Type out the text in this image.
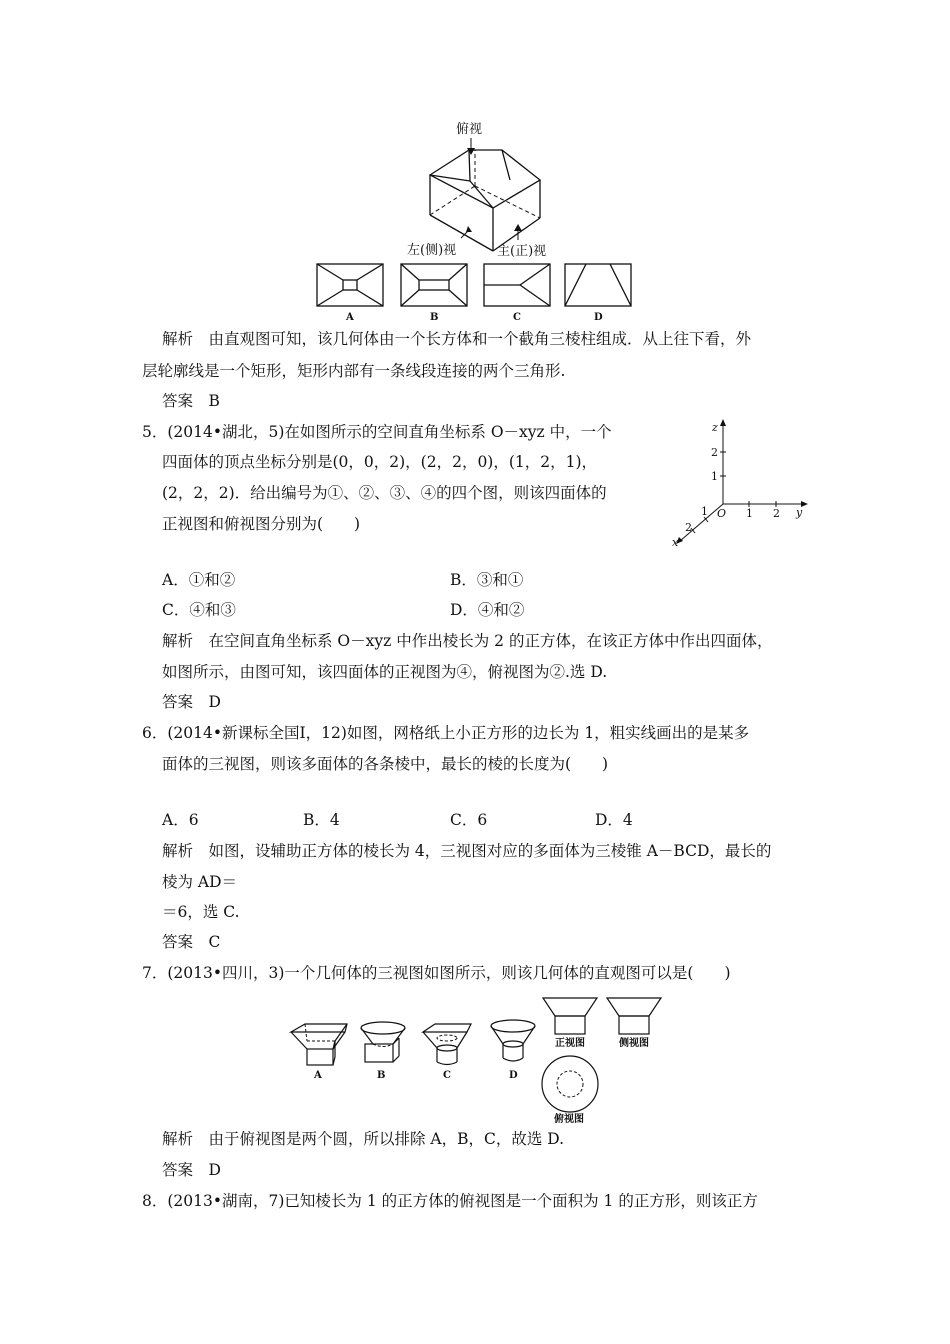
俯视
左(侧)视	主(正)视
A	B	C	D
解析　由直观图可知，该几何体由一个长方体和一个截角三棱柱组成．从上往下看，外
层轮廓线是一个矩形，矩形内部有一条线段连接的两个三角形.
答案　B
5．(2014•湖北，5)在如图所示的空间直角坐标系 O－xyz 中，一个
四面体的顶点坐标分别是(0，0，2)，(2，2，0)，(1，2，1)，
(2，2，2)．给出编号为①、②、③、④的四个图，则该四面体的
正视图和俯视图分别为(　　)
z
2
1
O 1 2 y
1
2
x
A．①和②	B．③和①
C．④和③	D．④和②
解析　在空间直角坐标系 O－xyz 中作出棱长为 2 的正方体，在该正方体中作出四面体，
如图所示，由图可知，该四面体的正视图为④，俯视图为②.选 D.
答案　D
6．(2014•新课标全国Ⅰ，12)如图，网格纸上小正方形的边长为 1，粗实线画出的是某多
面体的三视图，则该多面体的各条棱中，最长的棱的长度为(　　)
A．6	B．4	C．6	D．4
解析　如图，设辅助正方体的棱长为 4，三视图对应的多面体为三棱锥 A－BCD，最长的
棱为 AD＝
＝6，选 C.
答案　C
7．(2013•四川，3)一个几何体的三视图如图所示，则该几何体的直观图可以是(　　)
A	B	C	D
正视图	侧视图
俯视图
解析　由于俯视图是两个圆，所以排除 A，B，C，故选 D.
答案　D
8．(2013•湖南，7)已知棱长为 1 的正方体的俯视图是一个面积为 1 的正方形，则该正方
